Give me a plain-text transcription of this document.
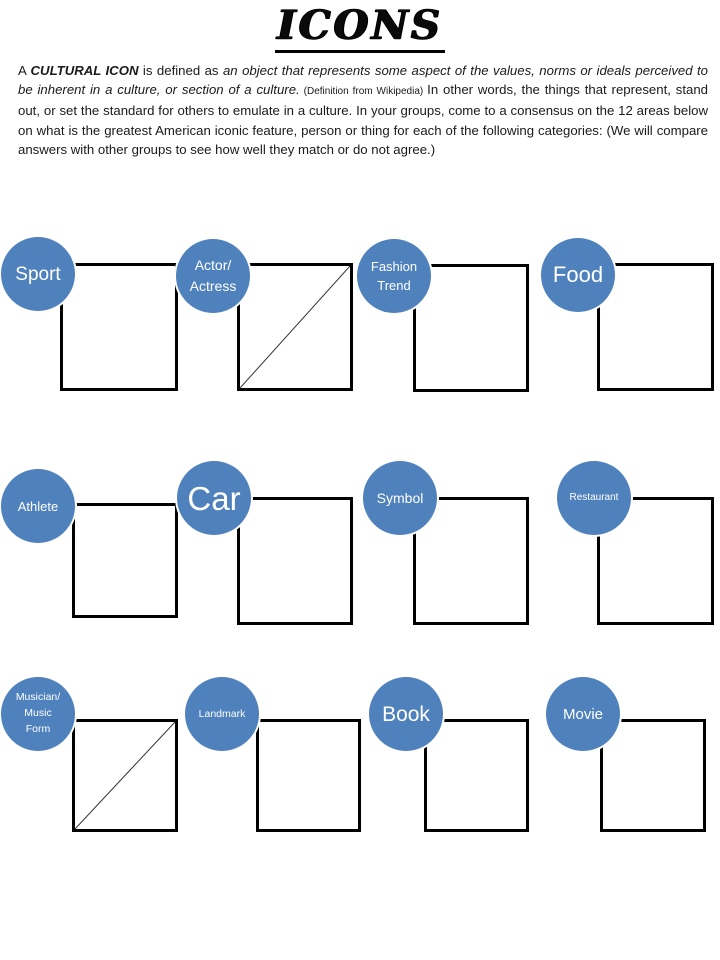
ICONS

A CULTURAL ICON is defined as an object that represents some aspect of the values, norms or ideals perceived to be inherent in a culture, or section of a culture. (Definition from Wikipedia) In other words, the things that represent, stand out, or set the standard for others to emulate in a culture. In your groups, come to a consensus on the 12 areas below on what is the greatest American iconic feature, person or thing for each of the following categories: (We will compare answers with other groups to see how well they match or do not agree.)

Sport	Actor/
Actress
Fashion
Trend	Food
Athlete	Car	Symbol	Restaurant
Musician/
Music
Form
Landmark	Book	Movie
